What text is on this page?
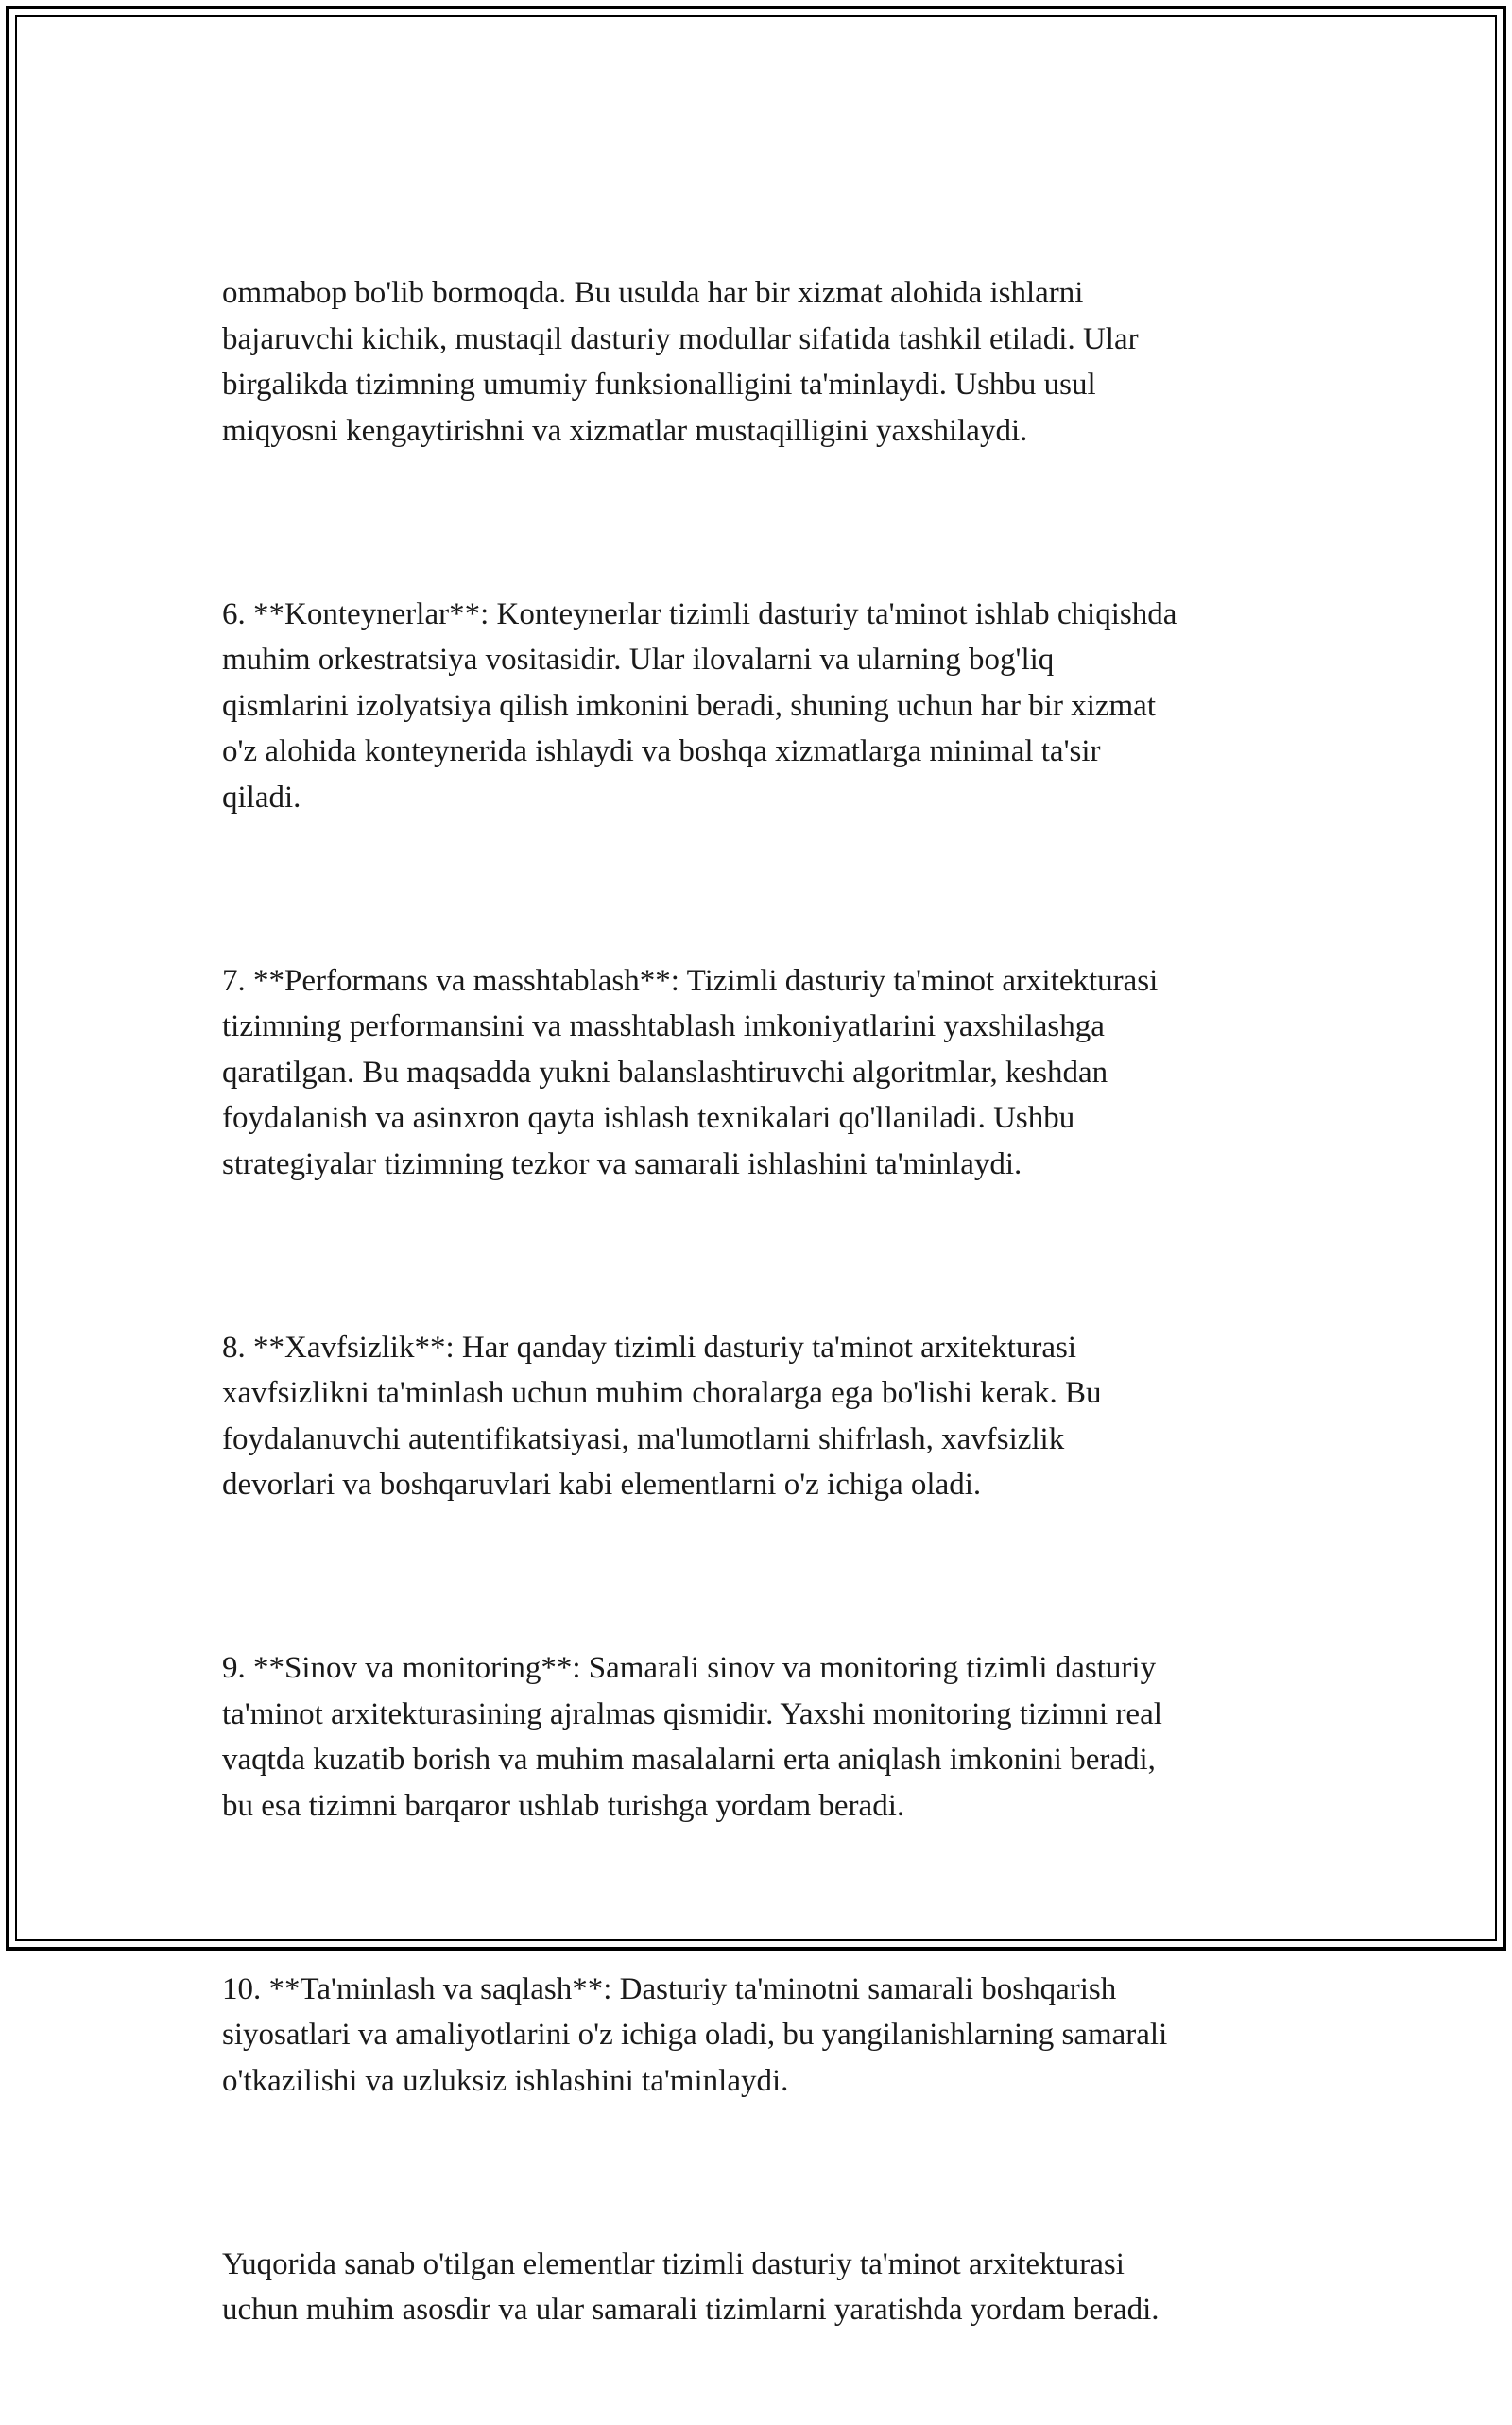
ommabop bo'lib bormoqda. Bu usulda har bir xizmat alohida ishlarni
bajaruvchi kichik, mustaqil dasturiy modullar sifatida tashkil etiladi. Ular
birgalikda tizimning umumiy funksionalligini ta'minlaydi. Ushbu usul
miqyosni kengaytirishni va xizmatlar mustaqilligini yaxshilaydi.

6. **Konteynerlar**: Konteynerlar tizimli dasturiy ta'minot ishlab chiqishda
muhim orkestratsiya vositasidir. Ular ilovalarni va ularning bog'liq
qismlarini izolyatsiya qilish imkonini beradi, shuning uchun har bir xizmat
o'z alohida konteynerida ishlaydi va boshqa xizmatlarga minimal ta'sir
qiladi.

7. **Performans va masshtablash**: Tizimli dasturiy ta'minot arxitekturasi
tizimning performansini va masshtablash imkoniyatlarini yaxshilashga
qaratilgan. Bu maqsadda yukni balanslashtiruvchi algoritmlar, keshdan
foydalanish va asinxron qayta ishlash texnikalari qo'llaniladi. Ushbu
strategiyalar tizimning tezkor va samarali ishlashini ta'minlaydi.

8. **Xavfsizlik**: Har qanday tizimli dasturiy ta'minot arxitekturasi
xavfsizlikni ta'minlash uchun muhim choralarga ega bo'lishi kerak. Bu
foydalanuvchi autentifikatsiyasi, ma'lumotlarni shifrlash, xavfsizlik
devorlari va boshqaruvlari kabi elementlarni o'z ichiga oladi.

9. **Sinov va monitoring**: Samarali sinov va monitoring tizimli dasturiy
ta'minot arxitekturasining ajralmas qismidir. Yaxshi monitoring tizimni real
vaqtda kuzatib borish va muhim masalalarni erta aniqlash imkonini beradi,
bu esa tizimni barqaror ushlab turishga yordam beradi.

10. **Ta'minlash va saqlash**: Dasturiy ta'minotni samarali boshqarish
siyosatlari va amaliyotlarini o'z ichiga oladi, bu yangilanishlarning samarali
o'tkazilishi va uzluksiz ishlashini ta'minlaydi.

Yuqorida sanab o'tilgan elementlar tizimli dasturiy ta'minot arxitekturasi
uchun muhim asosdir va ular samarali tizimlarni yaratishda yordam beradi.
